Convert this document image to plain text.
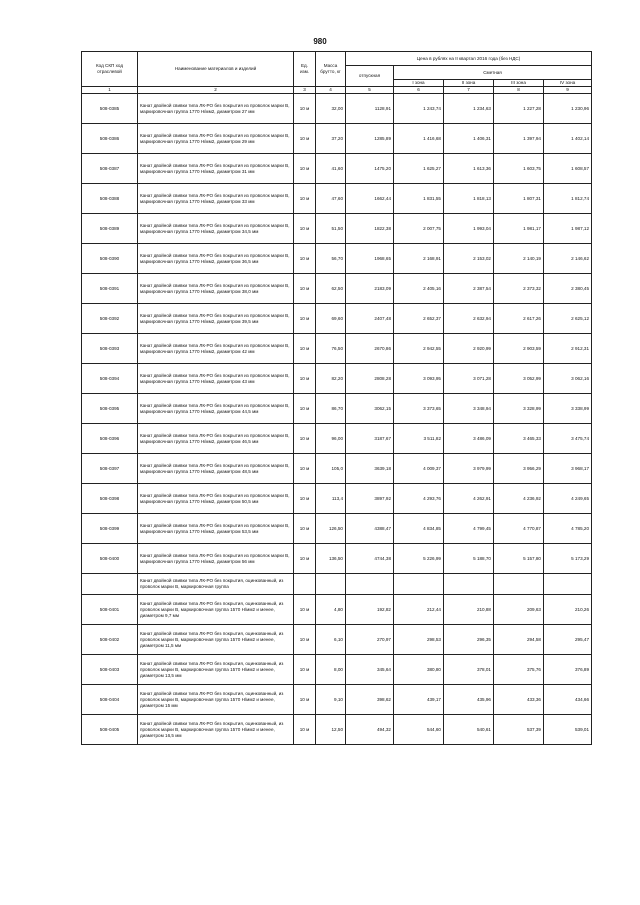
980
Код СКП ход отраслевой	Наименование материалов и изделий	Ед. изм.	Масса брутто, кг	Цена в рублях на II квартал 2016 года (без НДС)				
				отпускная	Сметная			
					I зона	II зона	III зона	IV зона
1	2	3	4	5	6	7	8	9
508-0385	Канат двойной свивки типа ЛК-РО без покрытия из проволок марки В, маркировочная группа 1770 Н/мм2, диаметром 27 мм	10 м	32,00	1128,91	1 243,74	1 234,63	1 227,28	1 230,96
508-0386	Канат двойной свивки типа ЛК-РО без покрытия из проволок марки В, маркировочная группа 1770 Н/мм2, диаметром 29 мм	10 м	37,20	1285,89	1 416,68	1 406,31	1 397,94	1 402,14
508-0387	Канат двойной свивки типа ЛК-РО без покрытия из проволок марки В, маркировочная группа 1770 Н/мм2, диаметром 31 мм	10 м	41,60	1475,20	1 625,27	1 613,36	1 603,75	1 608,57
508-0388	Канат двойной свивки типа ЛК-РО без покрытия из проволок марки В, маркировочная группа 1770 Н/мм2, диаметром 33 мм	10 м	47,60	1662,44	1 831,55	1 818,13	1 807,31	1 812,74
508-0389	Канат двойной свивки типа ЛК-РО без покрытия из проволок марки В, маркировочная группа 1770 Н/мм2, диаметром 34,5 мм	10 м	51,50	1822,38	2 007,75	1 993,04	1 981,17	1 987,12
508-0390	Канат двойной свивки типа ЛК-РО без покрытия из проволок марки В, маркировочная группа 1770 Н/мм2, диаметром 36,5 мм	10 м	56,70	1968,65	2 168,91	2 153,02	2 140,19	2 146,62
508-0391	Канат двойной свивки типа ЛК-РО без покрытия из проволок марки В, маркировочная группа 1770 Н/мм2, диаметром 38,0 мм	10 м	62,50	2183,09	2 405,16	2 387,54	2 373,32	2 380,45
508-0392	Канат двойной свивки типа ЛК-РО без покрытия из проволок марки В, маркировочная группа 1770 Н/мм2, диаметром 39,5 мм	10 м	69,60	2407,48	2 652,37	2 632,94	2 617,26	2 625,12
508-0393	Канат двойной свивки типа ЛК-РО без покрытия из проволок марки В, маркировочная группа 1770 Н/мм2, диаметром 42 мм	10 м	76,50	2670,86	2 942,55	2 920,99	2 903,59	2 912,31
508-0394	Канат двойной свивки типа ЛК-РО без покрытия из проволок марки В, маркировочная группа 1770 Н/мм2, диаметром 43 мм	10 м	82,20	2808,28	3 093,95	3 071,28	3 052,99	3 062,16
508-0395	Канат двойной свивки типа ЛК-РО без покрытия из проволок марки В, маркировочная группа 1770 Н/мм2, диаметром 44,5 мм	10 м	86,70	3062,15	3 373,65	3 348,94	3 328,99	3 338,99
508-0396	Канат двойной свивки типа ЛК-РО без покрытия из проволок марки В, маркировочная группа 1770 Н/мм2, диаметром 46,5 мм	10 м	96,00	3187,67	3 511,82	3 486,09	3 465,33	3 475,74
508-0397	Канат двойной свивки типа ЛК-РО без покрытия из проволок марки В, маркировочная группа 1770 Н/мм2, диаметром 48,5 мм	10 м	105,0	3639,18	4 009,37	3 979,99	3 956,29	3 968,17
508-0398	Канат двойной свивки типа ЛК-РО без покрытия из проволок марки В, маркировочная группа 1770 Н/мм2, диаметром 50,5 мм	10 м	113,4	3897,92	4 293,76	4 262,91	4 236,92	4 249,65
508-0399	Канат двойной свивки типа ЛК-РО без покрытия из проволок марки В, маркировочная группа 1770 Н/мм2, диаметром 53,5 мм	10 м	126,50	4388,47	4 834,85	4 799,45	4 770,87	4 785,20
508-0400	Канат двойной свивки типа ЛК-РО без покрытия из проволок марки В, маркировочная группа 1770 Н/мм2, диаметром 56 мм	10 м	136,50	4744,38	5 226,99	5 188,70	5 157,80	5 173,29
	Канат двойной свивки типа ЛК-РО без покрытия, оцинкованный, из проволок марки В, маркировочная группа							
508-0401	Канат двойной свивки типа ЛК-РО без покрытия, оцинкованный, из проволок марки В, маркировочная группа 1570 Н/мм2 и менее, диаметром 9,7 мм	10 м	4,80	192,82	212,44	210,88	209,63	210,26
508-0402	Канат двойной свивки типа ЛК-РО без покрытия, оцинкованный, из проволок марки В, маркировочная группа 1570 Н/мм2 и менее, диаметром 11,5 мм	10 м	6,10	270,97	298,53	296,35	294,58	295,47
508-0403	Канат двойной свивки типа ЛК-РО без покрытия, оцинкованный, из проволок марки В, маркировочная группа 1570 Н/мм2 и менее, диаметром 13,5 мм	10 м	8,00	345,64	380,80	378,01	375,76	376,89
508-0404	Канат двойной свивки типа ЛК-РО без покрытия, оцинкованный, из проволок марки В, маркировочная группа 1570 Н/мм2 и менее, диаметром 15 мм	10 м	9,10	398,62	439,17	435,96	433,36	434,66
508-0405	Канат двойной свивки типа ЛК-РО без покрытия, оцинкованный, из проволок марки В, маркировочная группа 1570 Н/мм2 и менее, диаметром 16,5 мм	10 м	12,50	494,32	544,60	540,61	537,39	539,01
